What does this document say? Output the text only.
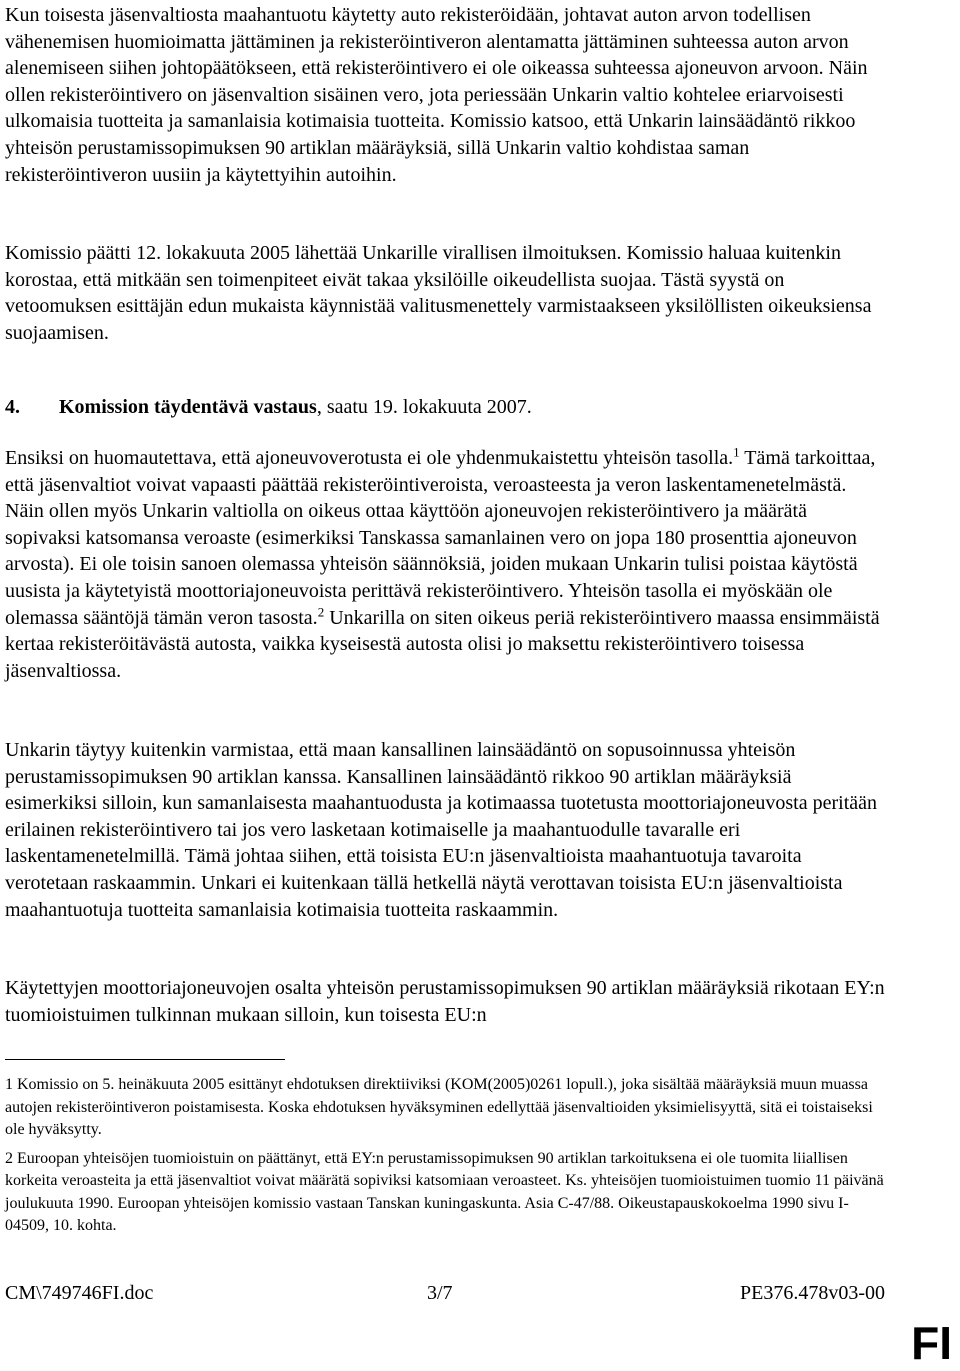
Kun toisesta jäsenvaltiosta maahantuotu käytetty auto rekisteröidään, johtavat auton arvon todellisen vähenemisen huomioimatta jättäminen ja rekisteröintiveron alentamatta jättäminen suhteessa auton arvon alenemiseen siihen johtopäätökseen, että rekisteröintivero ei ole oikeassa suhteessa ajoneuvon arvoon. Näin ollen rekisteröintivero on jäsenvaltion sisäinen vero, jota periessään Unkarin valtio kohtelee eriarvoisesti ulkomaisia tuotteita ja samanlaisia kotimaisia tuotteita. Komissio katsoo, että Unkarin lainsäädäntö rikkoo yhteisön perustamissopimuksen 90 artiklan määräyksiä, sillä Unkarin valtio kohdistaa saman rekisteröintiveron uusiin ja käytettyihin autoihin.

Komissio päätti 12. lokakuuta 2005 lähettää Unkarille virallisen ilmoituksen. Komissio haluaa kuitenkin korostaa, että mitkään sen toimenpiteet eivät takaa yksilöille oikeudellista suojaa. Tästä syystä on vetoomuksen esittäjän edun mukaista käynnistää valitusmenettely varmistaakseen yksilöllisten oikeuksiensa suojaamisen.

4. Komission täydentävä vastaus, saatu 19. lokakuuta 2007.

Ensiksi on huomautettava, että ajoneuvoverotusta ei ole yhdenmukaistettu yhteisön tasolla.$^1$ Tämä tarkoittaa, että jäsenvaltiot voivat vapaasti päättää rekisteröintiveroista, veroasteesta ja veron laskentamenetelmästä. Näin ollen myös Unkarin valtiolla on oikeus ottaa käyttöön ajoneuvojen rekisteröintivero ja määrätä sopivaksi katsomansa veroaste (esimerkiksi Tanskassa samanlainen vero on jopa 180 prosenttia ajoneuvon arvosta). Ei ole toisin sanoen olemassa yhteisön säännöksiä, joiden mukaan Unkarin tulisi poistaa käytöstä uusista ja käytetyistä moottoriajoneuvoista perittävä rekisteröintivero. Yhteisön tasolla ei myöskään ole olemassa sääntöjä tämän veron tasosta.$^2$ Unkarilla on siten oikeus periä rekisteröintivero maassa ensimmäistä kertaa rekisteröitävästä autosta, vaikka kyseisestä autosta olisi jo maksettu rekisteröintivero toisessa jäsenvaltiossa.

Unkarin täytyy kuitenkin varmistaa, että maan kansallinen lainsäädäntö on sopusoinnussa yhteisön perustamissopimuksen 90 artiklan kanssa. Kansallinen lainsäädäntö rikkoo 90 artiklan määräyksiä esimerkiksi silloin, kun samanlaisesta maahantuodusta ja kotimaassa tuotetusta moottoriajoneuvosta peritään erilainen rekisteröintivero tai jos vero lasketaan kotimaiselle ja maahantuodulle tavaralle eri laskentamenetelmillä. Tämä johtaa siihen, että toisista EU:n jäsenvaltioista maahantuotuja tavaroita verotetaan raskaammin. Unkari ei kuitenkaan tällä hetkellä näytä verottavan toisista EU:n jäsenvaltioista maahantuotuja tuotteita samanlaisia kotimaisia tuotteita raskaammin.

Käytettyjen moottoriajoneuvojen osalta yhteisön perustamissopimuksen 90 artiklan määräyksiä rikotaan EY:n tuomioistuimen tulkinnan mukaan silloin, kun toisesta EU:n

1 Komissio on 5. heinäkuuta 2005 esittänyt ehdotuksen direktiiviksi (KOM(2005)0261 lopull.), joka sisältää määräyksiä muun muassa autojen rekisteröintiveron poistamisesta. Koska ehdotuksen hyväksyminen edellyttää jäsenvaltioiden yksimielisyyttä, sitä ei toistaiseksi ole hyväksytty.

2 Euroopan yhteisöjen tuomioistuin on päättänyt, että EY:n perustamissopimuksen 90 artiklan tarkoituksena ei ole tuomita liiallisen korkeita veroasteita ja että jäsenvaltiot voivat määrätä sopiviksi katsomiaan veroasteet. Ks. yhteisöjen tuomioistuimen tuomio 11 päivänä joulukuuta 1990. Euroopan yhteisöjen komissio vastaan Tanskan kuningaskunta. Asia C-47/88. Oikeustapauskokoelma 1990 sivu I-04509, 10. kohta.

CM\749746FI.doc	3/7	PE376.478v03-00
FI
